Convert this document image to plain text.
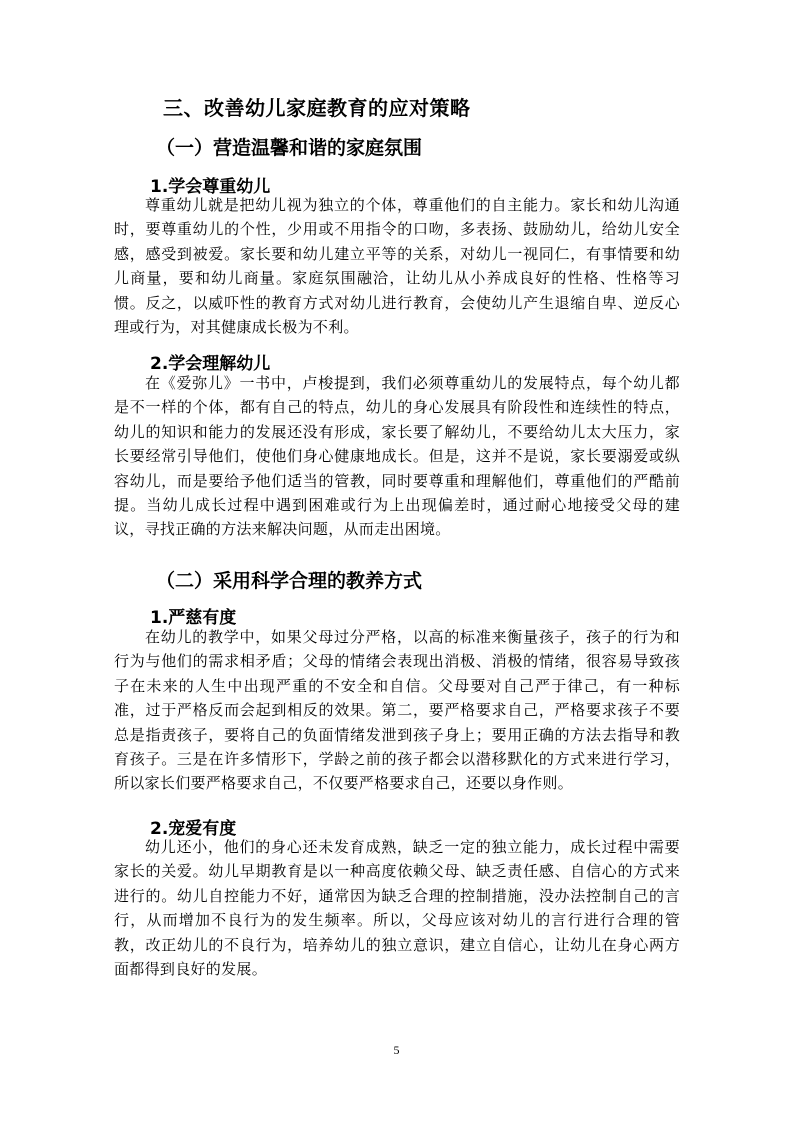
三、改善幼儿家庭教育的应对策略
（一）营造温馨和谐的家庭氛围
1.学会尊重幼儿

尊重幼儿就是把幼儿视为独立的个体，尊重他们的自主能力。家长和幼儿沟通时，要尊重幼儿的个性，少用或不用指令的口吻，多表扬、鼓励幼儿，给幼儿安全感，感受到被爱。家长要和幼儿建立平等的关系，对幼儿一视同仁，有事情要和幼儿商量，要和幼儿商量。家庭氛围融洽，让幼儿从小养成良好的性格、性格等习惯。反之，以威吓性的教育方式对幼儿进行教育，会使幼儿产生退缩自卑、逆反心理或行为，对其健康成长极为不利。

2.学会理解幼儿

在《爱弥儿》一书中，卢梭提到，我们必须尊重幼儿的发展特点，每个幼儿都是不一样的个体，都有自己的特点，幼儿的身心发展具有阶段性和连续性的特点，幼儿的知识和能力的发展还没有形成，家长要了解幼儿，不要给幼儿太大压力，家长要经常引导他们，使他们身心健康地成长。但是，这并不是说，家长要溺爱或纵容幼儿，而是要给予他们适当的管教，同时要尊重和理解他们，尊重他们的严酷前提。当幼儿成长过程中遇到困难或行为上出现偏差时，通过耐心地接受父母的建议，寻找正确的方法来解决问题，从而走出困境。

（二）采用科学合理的教养方式
1.严慈有度

在幼儿的教学中，如果父母过分严格，以高的标准来衡量孩子，孩子的行为和行为与他们的需求相矛盾；父母的情绪会表现出消极、消极的情绪，很容易导致孩子在未来的人生中出现严重的不安全和自信。父母要对自己严于律己，有一种标准，过于严格反而会起到相反的效果。第二，要严格要求自己，严格要求孩子不要总是指责孩子，要将自己的负面情绪发泄到孩子身上；要用正确的方法去指导和教育孩子。三是在许多情形下，学龄之前的孩子都会以潜移默化的方式来进行学习，所以家长们要严格要求自己，不仅要严格要求自己，还要以身作则。

2.宠爱有度

幼儿还小，他们的身心还未发育成熟，缺乏一定的独立能力，成长过程中需要家长的关爱。幼儿早期教育是以一种高度依赖父母、缺乏责任感、自信心的方式来进行的。幼儿自控能力不好，通常因为缺乏合理的控制措施，没办法控制自己的言行，从而增加不良行为的发生频率。所以，父母应该对幼儿的言行进行合理的管教，改正幼儿的不良行为，培养幼儿的独立意识，建立自信心，让幼儿在身心两方面都得到良好的发展。

5
